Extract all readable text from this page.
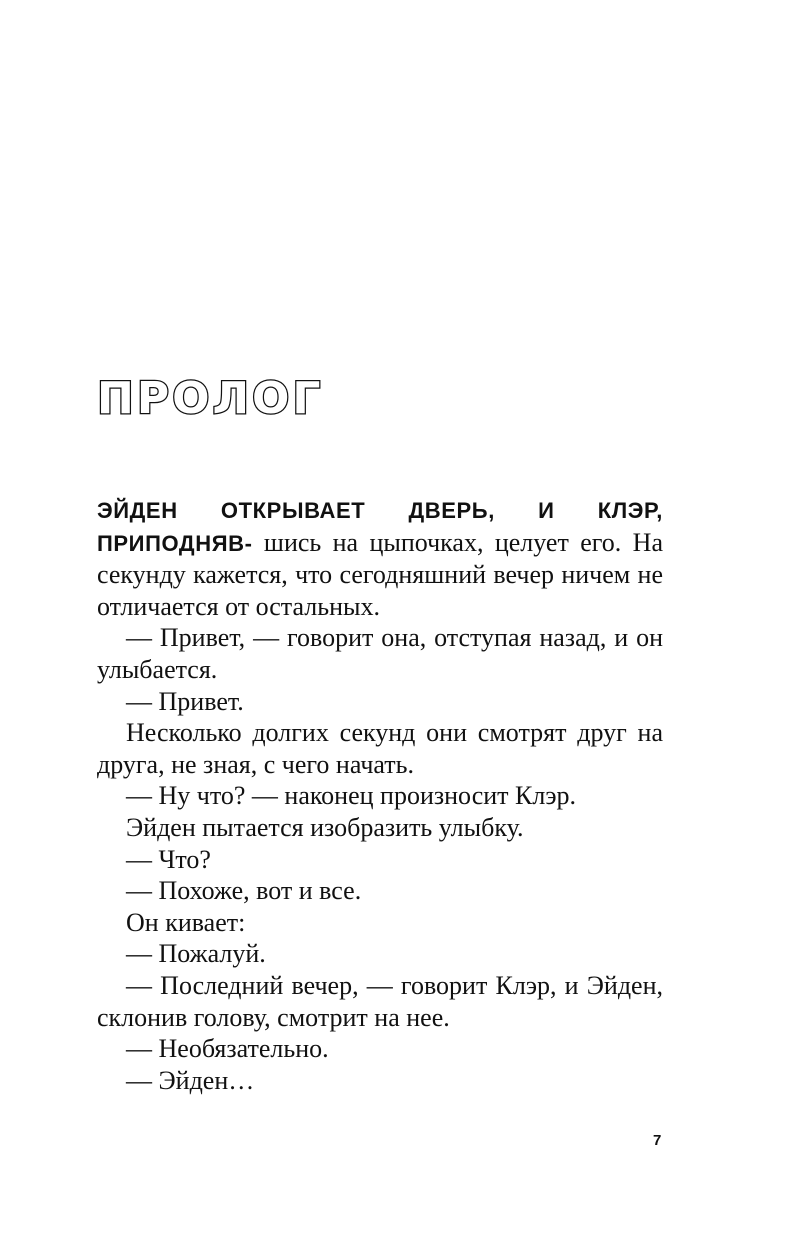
ПРОЛОГ

ЭЙДЕН ОТКРЫВАЕТ ДВЕРЬ, И КЛЭР, ПРИПОДНЯВ- шись на цыпочках, целует его. На секунду кажется, что сегодняшний вечер ничем не отличается от остальных.

— Привет, — говорит она, отступая назад, и он улыбается.

— Привет.

Несколько долгих секунд они смотрят друг на друга, не зная, с чего начать.

— Ну что? — наконец произносит Клэр.

Эйден пытается изобразить улыбку.

— Что?

— Похоже, вот и все.

Он кивает:

— Пожалуй.

— Последний вечер, — говорит Клэр, и Эйден, склонив голову, смотрит на нее.

— Необязательно.

— Эйден…

7
